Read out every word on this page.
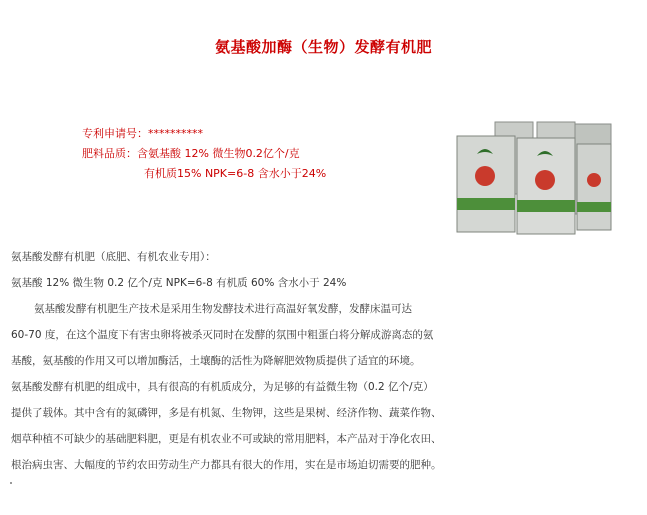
氨基酸加酶（生物）发酵有机肥
专利申请号：**********
肥料品质：含氨基酸 12% 微生物0.2亿个/克
有机质15% NPK=6-8 含水小于24%
氨基酸发酵有机肥（底肥、有机农业专用）：
氨基酸 12% 微生物 0.2 亿个/克 NPK=6-8 有机质 60% 含水小于 24%
氨基酸发酵有机肥生产技术是采用生物发酵技术进行高温好氧发酵，发酵床温可达
60-70 度，在这个温度下有害虫卵将被杀灭同时在发酵的氛围中粗蛋白将分解成游离态的氨
基酸，氨基酸的作用又可以增加酶活，土壤酶的活性为降解肥效物质提供了适宜的环境。
氨基酸发酵有机肥的组成中，具有很高的有机质成分，为足够的有益微生物（0.2 亿个/克）
提供了载体。其中含有的氮磷钾，多是有机氮、生物钾，这些是果树、经济作物、蔬菜作物、
烟草种植不可缺少的基础肥料肥，更是有机农业不可或缺的常用肥料，本产品对于净化农田、
根治病虫害、大幅度的节约农田劳动生产力都具有很大的作用，实在是市场迫切需要的肥种。
